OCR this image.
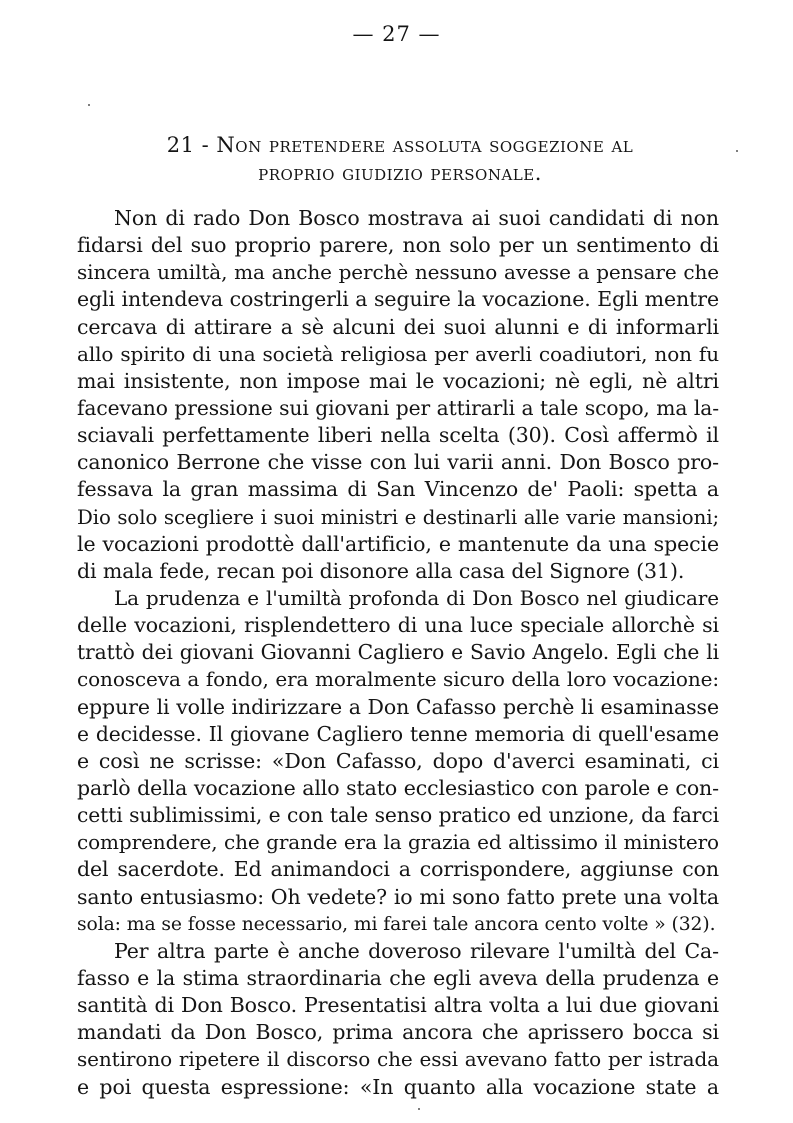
— 27 —
21 - Non pretendere assoluta soggezione al
proprio giudizio personale.
Non di rado Don Bosco mostrava ai suoi candidati di non
fidarsi del suo proprio parere, non solo per un sentimento di
sincera umiltà, ma anche perchè nessuno avesse a pensare che
egli intendeva costringerli a seguire la vocazione. Egli mentre
cercava di attirare a sè alcuni dei suoi alunni e di informarli
allo spirito di una società religiosa per averli coadiutori, non fu
mai insistente, non impose mai le vocazioni; nè egli, nè altri
facevano pressione sui giovani per attirarli a tale scopo, ma la-
sciavali perfettamente liberi nella scelta (30). Così affermò il
canonico Berrone che visse con lui varii anni. Don Bosco pro-
fessava la gran massima di San Vincenzo de' Paoli: spetta a
Dio solo scegliere i suoi ministri e destinarli alle varie mansioni;
le vocazioni prodottè dall'artificio, e mantenute da una specie
di mala fede, recan poi disonore alla casa del Signore (31).
La prudenza e l'umiltà profonda di Don Bosco nel giudicare
delle vocazioni, risplendettero di una luce speciale allorchè si
trattò dei giovani Giovanni Cagliero e Savio Angelo. Egli che li
conosceva a fondo, era moralmente sicuro della loro vocazione:
eppure li volle indirizzare a Don Cafasso perchè li esaminasse
e decidesse. Il giovane Cagliero tenne memoria di quell'esame
e così ne scrisse: «Don Cafasso, dopo d'averci esaminati, ci
parlò della vocazione allo stato ecclesiastico con parole e con-
cetti sublimissimi, e con tale senso pratico ed unzione, da farci
comprendere, che grande era la grazia ed altissimo il ministero
del sacerdote. Ed animandoci a corrispondere, aggiunse con
santo entusiasmo: Oh vedete? io mi sono fatto prete una volta
sola: ma se fosse necessario, mi farei tale ancora cento volte » (32).
Per altra parte è anche doveroso rilevare l'umiltà del Ca-
fasso e la stima straordinaria che egli aveva della prudenza e
santità di Don Bosco. Presentatisi altra volta a lui due giovani
mandati da Don Bosco, prima ancora che aprissero bocca si
sentirono ripetere il discorso che essi avevano fatto per istrada
e poi questa espressione: «In quanto alla vocazione state a
